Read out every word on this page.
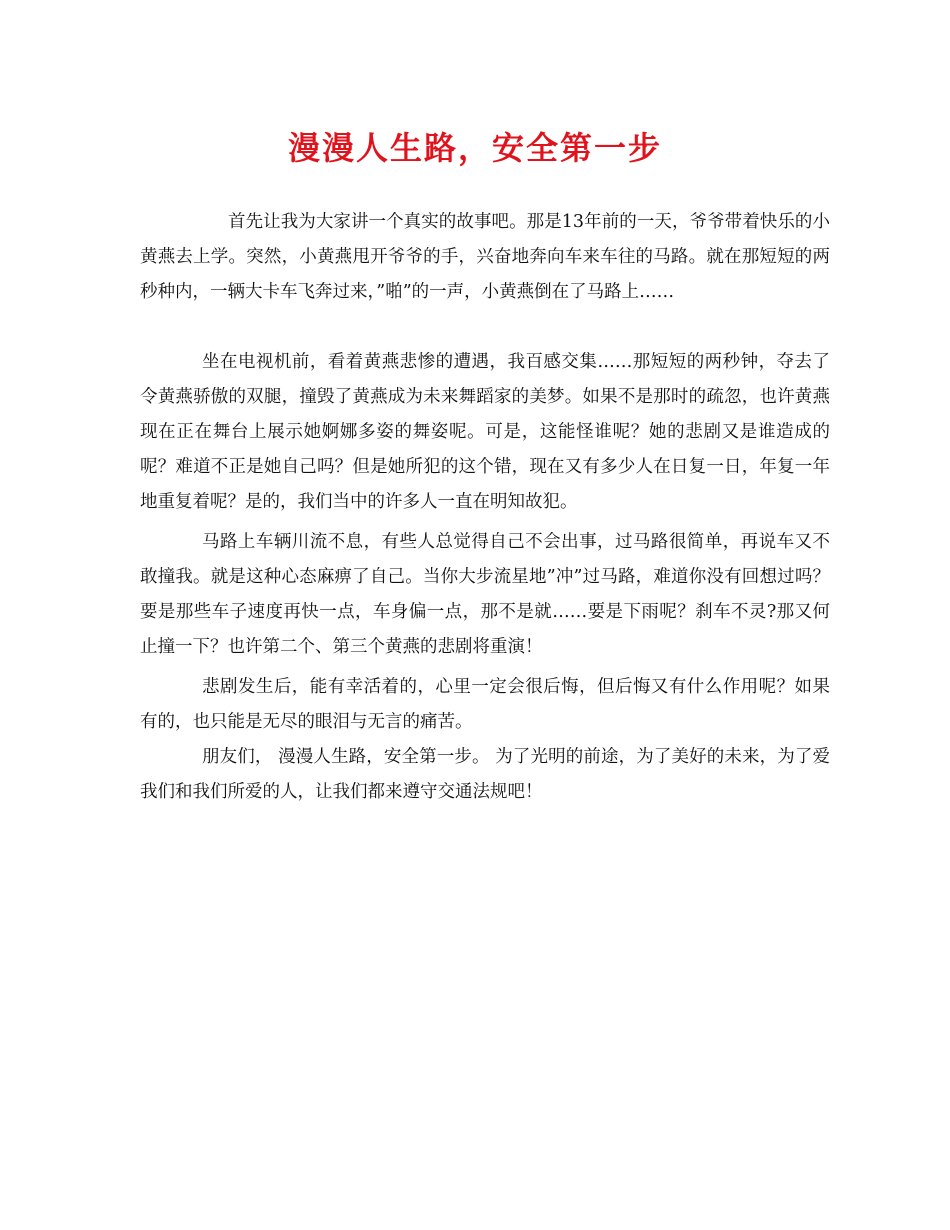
漫漫人生路，安全第一步

首先让我为大家讲一个真实的故事吧。那是13年前的一天，爷爷带着快乐的小黄燕去上学。突然，小黄燕甩开爷爷的手，兴奋地奔向车来车往的马路。就在那短短的两秒种内，一辆大卡车飞奔过来，”啪”的一声，小黄燕倒在了马路上……

坐在电视机前，看着黄燕悲惨的遭遇，我百感交集……那短短的两秒钟，夺去了令黄燕骄傲的双腿，撞毁了黄燕成为未来舞蹈家的美梦。如果不是那时的疏忽，也许黄燕现在正在舞台上展示她婀娜多姿的舞姿呢。可是，这能怪谁呢？她的悲剧又是谁造成的呢？难道不正是她自己吗？但是她所犯的这个错，现在又有多少人在日复一日，年复一年地重复着呢？是的，我们当中的许多人一直在明知故犯。

马路上车辆川流不息，有些人总觉得自己不会出事，过马路很简单，再说车又不敢撞我。就是这种心态麻痹了自己。当你大步流星地”冲”过马路，难道你没有回想过吗？要是那些车子速度再快一点，车身偏一点，那不是就……要是下雨呢？刹车不灵?那又何止撞一下？也许第二个、第三个黄燕的悲剧将重演！

悲剧发生后，能有幸活着的，心里一定会很后悔，但后悔又有什么作用呢？如果有的，也只能是无尽的眼泪与无言的痛苦。

朋友们， 漫漫人生路，安全第一步。 为了光明的前途，为了美好的未来，为了爱我们和我们所爱的人，让我们都来遵守交通法规吧！
